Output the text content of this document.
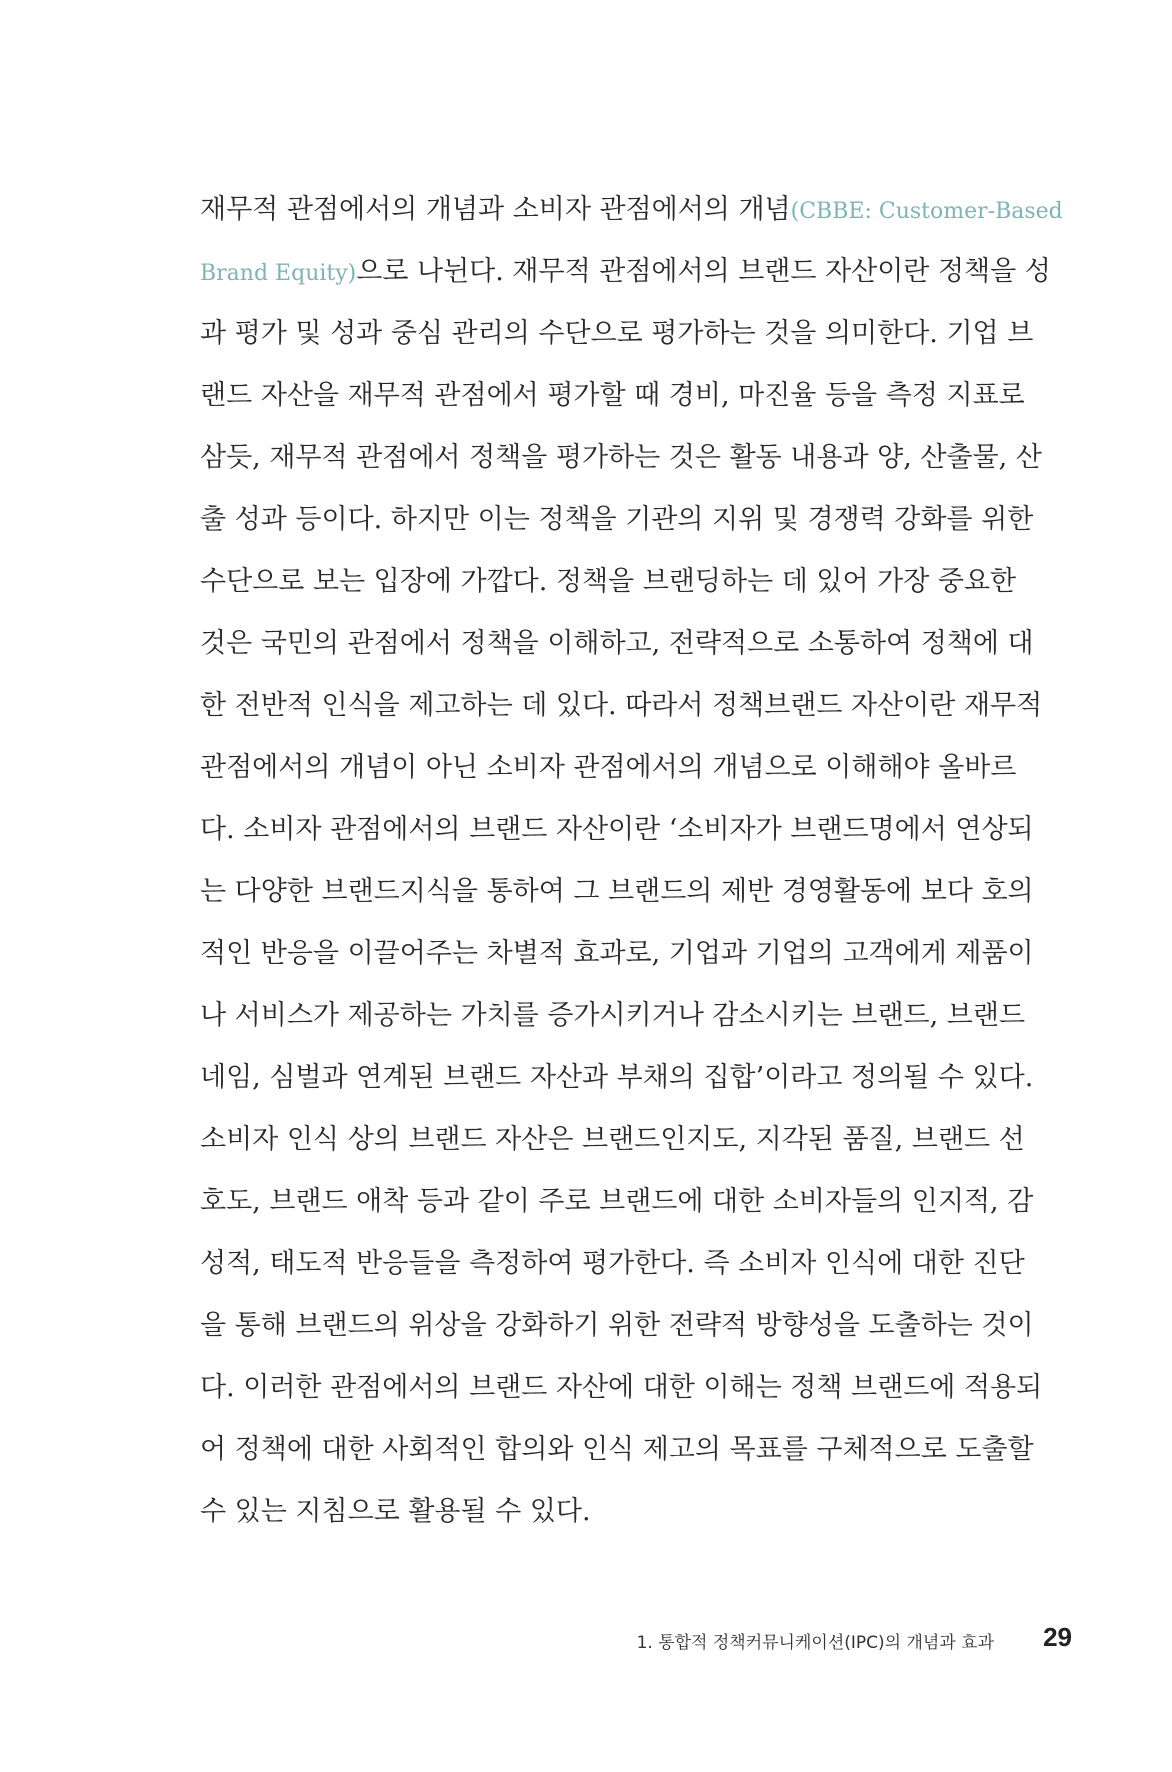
재무적 관점에서의 개념과 소비자 관점에서의 개념(CBBE: Customer-Based
Brand Equity)으로 나뉜다. 재무적 관점에서의 브랜드 자산이란 정책을 성
과 평가 및 성과 중심 관리의 수단으로 평가하는 것을 의미한다. 기업 브
랜드 자산을 재무적 관점에서 평가할 때 경비, 마진율 등을 측정 지표로
삼듯, 재무적 관점에서 정책을 평가하는 것은 활동 내용과 양, 산출물, 산
출 성과 등이다. 하지만 이는 정책을 기관의 지위 및 경쟁력 강화를 위한
수단으로 보는 입장에 가깝다. 정책을 브랜딩하는 데 있어 가장 중요한
것은 국민의 관점에서 정책을 이해하고, 전략적으로 소통하여 정책에 대
한 전반적 인식을 제고하는 데 있다. 따라서 정책브랜드 자산이란 재무적
관점에서의 개념이 아닌 소비자 관점에서의 개념으로 이해해야 올바르
다. 소비자 관점에서의 브랜드 자산이란 ‘소비자가 브랜드명에서 연상되
는 다양한 브랜드지식을 통하여 그 브랜드의 제반 경영활동에 보다 호의
적인 반응을 이끌어주는 차별적 효과로, 기업과 기업의 고객에게 제품이
나 서비스가 제공하는 가치를 증가시키거나 감소시키는 브랜드, 브랜드
네임, 심벌과 연계된 브랜드 자산과 부채의 집합’이라고 정의될 수 있다.
소비자 인식 상의 브랜드 자산은 브랜드인지도, 지각된 품질, 브랜드 선
호도, 브랜드 애착 등과 같이 주로 브랜드에 대한 소비자들의 인지적, 감
성적, 태도적 반응들을 측정하여 평가한다. 즉 소비자 인식에 대한 진단
을 통해 브랜드의 위상을 강화하기 위한 전략적 방향성을 도출하는 것이
다. 이러한 관점에서의 브랜드 자산에 대한 이해는 정책 브랜드에 적용되
어 정책에 대한 사회적인 합의와 인식 제고의 목표를 구체적으로 도출할
수 있는 지침으로 활용될 수 있다.
1. 통합적 정책커뮤니케이션(IPC)의 개념과 효과 29
